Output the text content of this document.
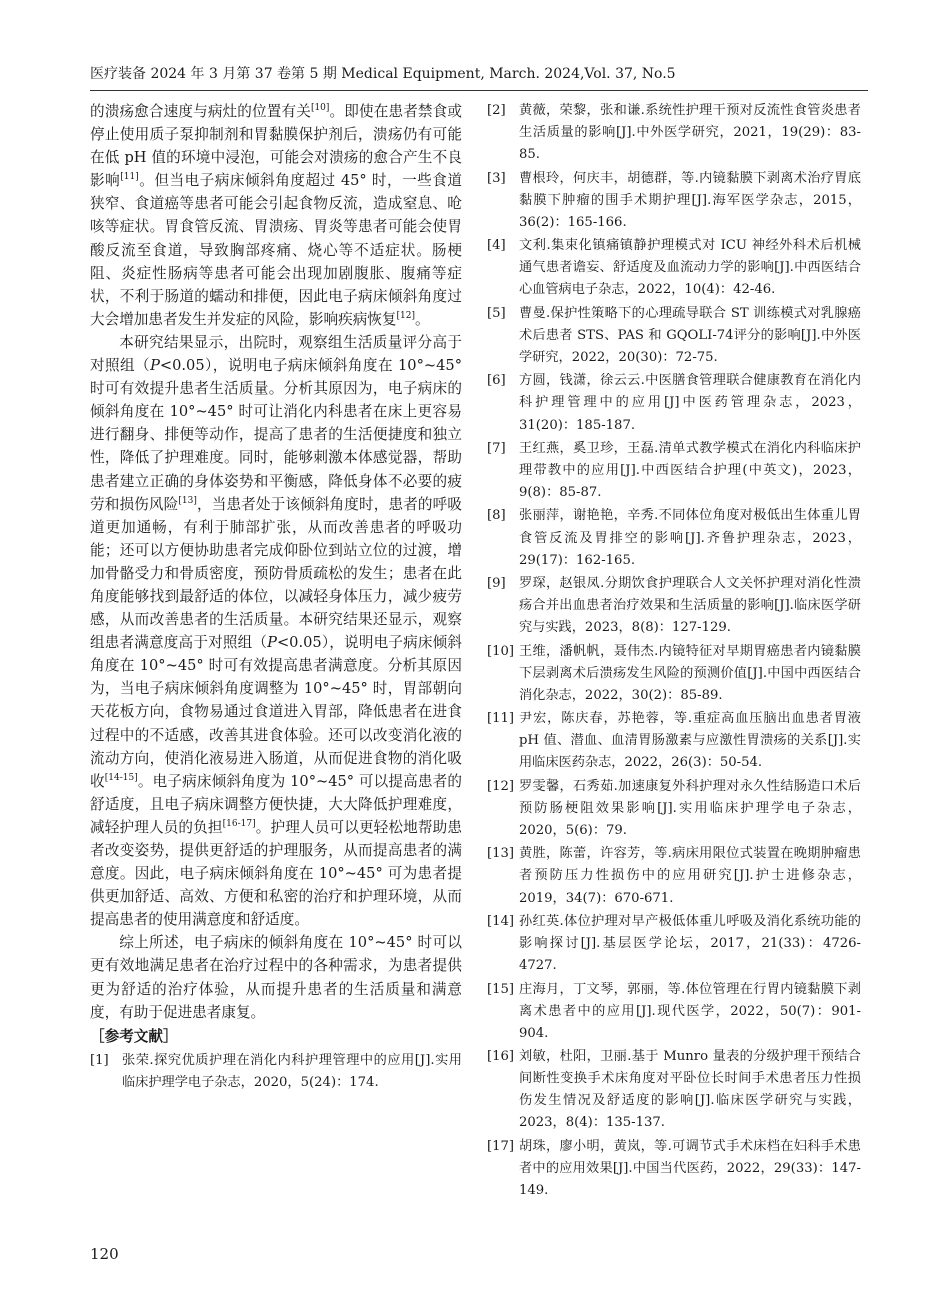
医疗装备 2024 年 3 月第 37 卷第 5 期 Medical Equipment, March. 2024,Vol. 37, No.5

的溃疡愈合速度与病灶的位置有关[10]。即使在患者禁食或停止使用质子泵抑制剂和胃黏膜保护剂后，溃疡仍有可能在低 pH 值的环境中浸泡，可能会对溃疡的愈合产生不良影响[11]。但当电子病床倾斜角度超过 45° 时，一些食道狭窄、食道癌等患者可能会引起食物反流，造成窒息、呛咳等症状。胃食管反流、胃溃疡、胃炎等患者可能会使胃酸反流至食道，导致胸部疼痛、烧心等不适症状。肠梗阻、炎症性肠病等患者可能会出现加剧腹胀、腹痛等症状，不利于肠道的蠕动和排便，因此电子病床倾斜角度过大会增加患者发生并发症的风险，影响疾病恢复[12]。

本研究结果显示，出院时，观察组生活质量评分高于对照组（P<0.05），说明电子病床倾斜角度在 10°~45° 时可有效提升患者生活质量。分析其原因为，电子病床的倾斜角度在 10°~45° 时可让消化内科患者在床上更容易进行翻身、排便等动作，提高了患者的生活便捷度和独立性，降低了护理难度。同时，能够刺激本体感觉器，帮助患者建立正确的身体姿势和平衡感，降低身体不必要的疲劳和损伤风险[13]，当患者处于该倾斜角度时，患者的呼吸道更加通畅，有利于肺部扩张，从而改善患者的呼吸功能；还可以方便协助患者完成仰卧位到站立位的过渡，增加骨骼受力和骨质密度，预防骨质疏松的发生；患者在此角度能够找到最舒适的体位，以减轻身体压力，减少疲劳感，从而改善患者的生活质量。本研究结果还显示，观察组患者满意度高于对照组（P<0.05），说明电子病床倾斜角度在 10°~45° 时可有效提高患者满意度。分析其原因为，当电子病床倾斜角度调整为 10°~45° 时，胃部朝向天花板方向，食物易通过食道进入胃部，降低患者在进食过程中的不适感，改善其进食体验。还可以改变消化液的流动方向，使消化液易进入肠道，从而促进食物的消化吸收[14-15]。电子病床倾斜角度为 10°~45° 可以提高患者的舒适度，且电子病床调整方便快捷，大大降低护理难度，减轻护理人员的负担[16-17]。护理人员可以更轻松地帮助患者改变姿势，提供更舒适的护理服务，从而提高患者的满意度。因此，电子病床倾斜角度在 10°~45° 可为患者提供更加舒适、高效、方便和私密的治疗和护理环境，从而提高患者的使用满意度和舒适度。

综上所述，电子病床的倾斜角度在 10°~45° 时可以更有效地满足患者在治疗过程中的各种需求，为患者提供更为舒适的治疗体验，从而提升患者的生活质量和满意度，有助于促进患者康复。

［参考文献］
[1]	张荣.探究优质护理在消化内科护理管理中的应用[J].实用临床护理学电子杂志，2020，5(24)：174.
[2]	黄薇，荣黎，张和谦.系统性护理干预对反流性食管炎患者生活质量的影响[J].中外医学研究，2021，19(29)：83-85.
[3]	曹根玲，何庆丰，胡德群，等.内镜黏膜下剥离术治疗胃底黏膜下肿瘤的围手术期护理[J].海军医学杂志，2015，36(2)：165-166.
[4]	文利.集束化镇痛镇静护理模式对 ICU 神经外科术后机械通气患者谵妄、舒适度及血流动力学的影响[J].中西医结合心血管病电子杂志，2022，10(4)：42-46.
[5]	曹曼.保护性策略下的心理疏导联合 ST 训练模式对乳腺癌术后患者 STS、PAS 和 GQOLI-74评分的影响[J].中外医学研究，2022，20(30)：72-75.
[6]	方圆，钱潇，徐云云.中医膳食管理联合健康教育在消化内科护理管理中的应用[J]中医药管理杂志，2023，31(20)：185-187.
[7]	王红燕，奚卫珍，王磊.清单式教学模式在消化内科临床护理带教中的应用[J].中西医结合护理(中英文)，2023，9(8)：85-87.
[8]	张丽萍，谢艳艳，辛秀.不同体位角度对极低出生体重儿胃食管反流及胃排空的影响[J].齐鲁护理杂志，2023，29(17)：162-165.
[9]	罗琛，赵银凤.分期饮食护理联合人文关怀护理对消化性溃疡合并出血患者治疗效果和生活质量的影响[J].临床医学研究与实践，2023，8(8)：127-129.
[10] 王维，潘帆帆，聂伟杰.内镜特征对早期胃癌患者内镜黏膜下层剥离术后溃疡发生风险的预测价值[J].中国中西医结合消化杂志，2022，30(2)：85-89.
[11] 尹宏，陈庆春，苏艳蓉，等.重症高血压脑出血患者胃液 pH 值、潜血、血清胃肠激素与应激性胃溃疡的关系[J].实用临床医药杂志，2022，26(3)：50-54.
[12] 罗雯馨，石秀茹.加速康复外科护理对永久性结肠造口术后预防肠梗阻效果影响[J].实用临床护理学电子杂志，2020，5(6)：79.
[13] 黄胜，陈蕾，许容芳，等.病床用限位式装置在晚期肿瘤患者预防压力性损伤中的应用研究[J].护士进修杂志，2019，34(7)：670-671.
[14] 孙红英.体位护理对早产极低体重儿呼吸及消化系统功能的影响探讨[J].基层医学论坛，2017，21(33)：4726-4727.
[15] 庄海月，丁文琴，郭丽，等.体位管理在行胃内镜黏膜下剥离术患者中的应用[J].现代医学，2022，50(7)：901-904.
[16] 刘敏，杜阳，卫丽.基于 Munro 量表的分级护理干预结合间断性变换手术床角度对平卧位长时间手术患者压力性损伤发生情况及舒适度的影响[J].临床医学研究与实践，2023，8(4)：135-137.
[17] 胡珠，廖小明，黄岚，等.可调节式手术床档在妇科手术患者中的应用效果[J].中国当代医药，2022，29(33)：147-149.
120
